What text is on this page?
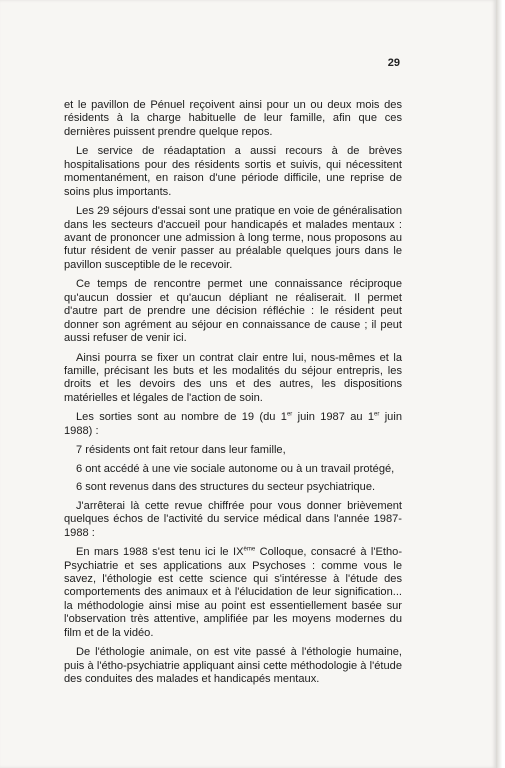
29

et le pavillon de Pénuel reçoivent ainsi pour un ou deux mois des résidents à la charge habituelle de leur famille, afin que ces dernières puissent prendre quelque repos.

Le service de réadaptation a aussi recours à de brèves hospitalisations pour des résidents sortis et suivis, qui nécessitent momentanément, en raison d'une période difficile, une reprise de soins plus importants.

Les 29 séjours d'essai sont une pratique en voie de généralisation dans les secteurs d'accueil pour handicapés et malades mentaux : avant de prononcer une admission à long terme, nous proposons au futur résident de venir passer au préalable quelques jours dans le pavillon susceptible de le recevoir.

Ce temps de rencontre permet une connaissance réciproque qu'aucun dossier et qu'aucun dépliant ne réaliserait. Il permet d'autre part de prendre une décision réfléchie : le résident peut donner son agrément au séjour en connaissance de cause ; il peut aussi refuser de venir ici.

Ainsi pourra se fixer un contrat clair entre lui, nous-mêmes et la famille, précisant les buts et les modalités du séjour entrepris, les droits et les devoirs des uns et des autres, les dispositions matérielles et légales de l'action de soin.

Les sorties sont au nombre de 19 (du 1er juin 1987 au 1er juin 1988) :

7 résidents ont fait retour dans leur famille,

6 ont accédé à une vie sociale autonome ou à un travail protégé,

6 sont revenus dans des structures du secteur psychiatrique.

J'arrêterai là cette revue chiffrée pour vous donner brièvement quelques échos de l'activité du service médical dans l'année 1987-1988 :

En mars 1988 s'est tenu ici le IXème Colloque, consacré à l'Etho-Psychiatrie et ses applications aux Psychoses : comme vous le savez, l'éthologie est cette science qui s'intéresse à l'étude des comportements des animaux et à l'élucidation de leur signification... la méthodologie ainsi mise au point est essentiellement basée sur l'observation très attentive, amplifiée par les moyens modernes du film et de la vidéo.

De l'éthologie animale, on est vite passé à l'éthologie humaine, puis à l'étho-psychiatrie appliquant ainsi cette méthodologie à l'étude des conduites des malades et handicapés mentaux.
